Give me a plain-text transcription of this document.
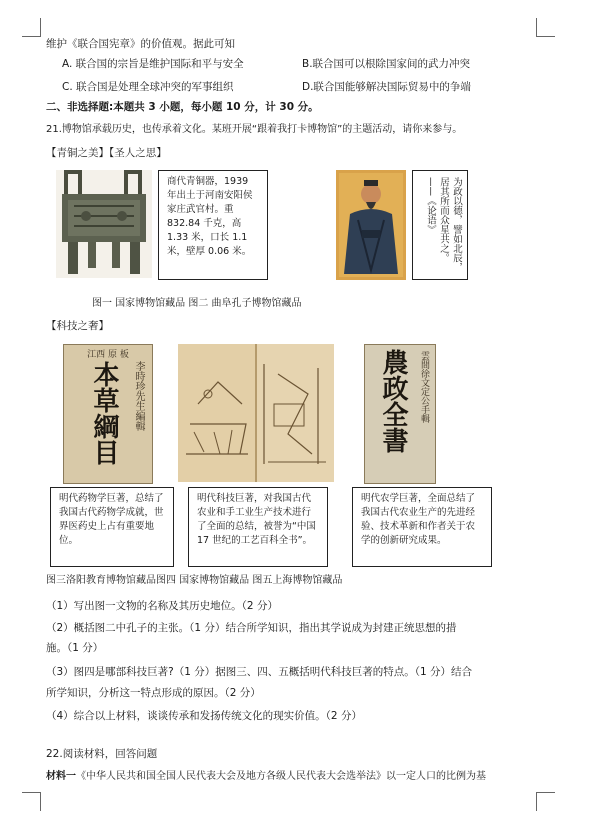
维护《联合国宪章》的价值观。据此可知
A. 联合国的宗旨是维护国际和平与安全	B.联合国可以根除国家间的武力冲突
C. 联合国是处理全球冲突的军事组织	D.联合国能够解决国际贸易中的争端
二、非选择题:本题共 3 小题，每小题 10 分，计 30 分。
21.博物馆承载历史，也传承着文化。某班开展“跟着我打卡博物馆”的主题活动，请你来参与。
【青铜之美】【圣人之思】
商代青铜器，1939 年出土于河南安阳侯家庄武官村。重 832.84 千克，高 1.33 米，口长 1.1 米，壁厚 0.06 米。	为政以德，譬如北辰，居其所而众星共之。——《论语》
图一 国家博物馆藏品 图二 曲阜孔子博物馆藏品
【科技之奢】
江西 原 板
本草綱目	李時珍先生編輯	農政全書	雲間徐文定公手輯
明代药物学巨著，总结了我国古代药物学成就，世界医药史上占有重要地位。
明代科技巨著，对我国古代农业和手工业生产技术进行了全面的总结，被誉为“中国 17 世纪的工艺百科全书”。
明代农学巨著，全面总结了我国古代农业生产的先进经验、技术革新和作者关于农学的创新研究成果。
图三洛阳教育博物馆藏品图四 国家博物馆藏品 图五上海博物馆藏品
（1）写出图一文物的名称及其历史地位。（2 分）
（2）概括图二中孔子的主张。（1 分）结合所学知识，指出其学说成为封建正统思想的措
施。（1 分）
（3）图四是哪部科技巨著?（1 分）据图三、四、五概括明代科技巨著的特点。（1 分）结合
所学知识，分析这一特点形成的原因。（2 分）
（4）综合以上材料，谈谈传承和发扬传统文化的现实价值。（2 分）
22.阅读材料，回答问题
材料一《中华人民共和国全国人民代表大会及地方各级人民代表大会选举法》以一定人口的比例为基
